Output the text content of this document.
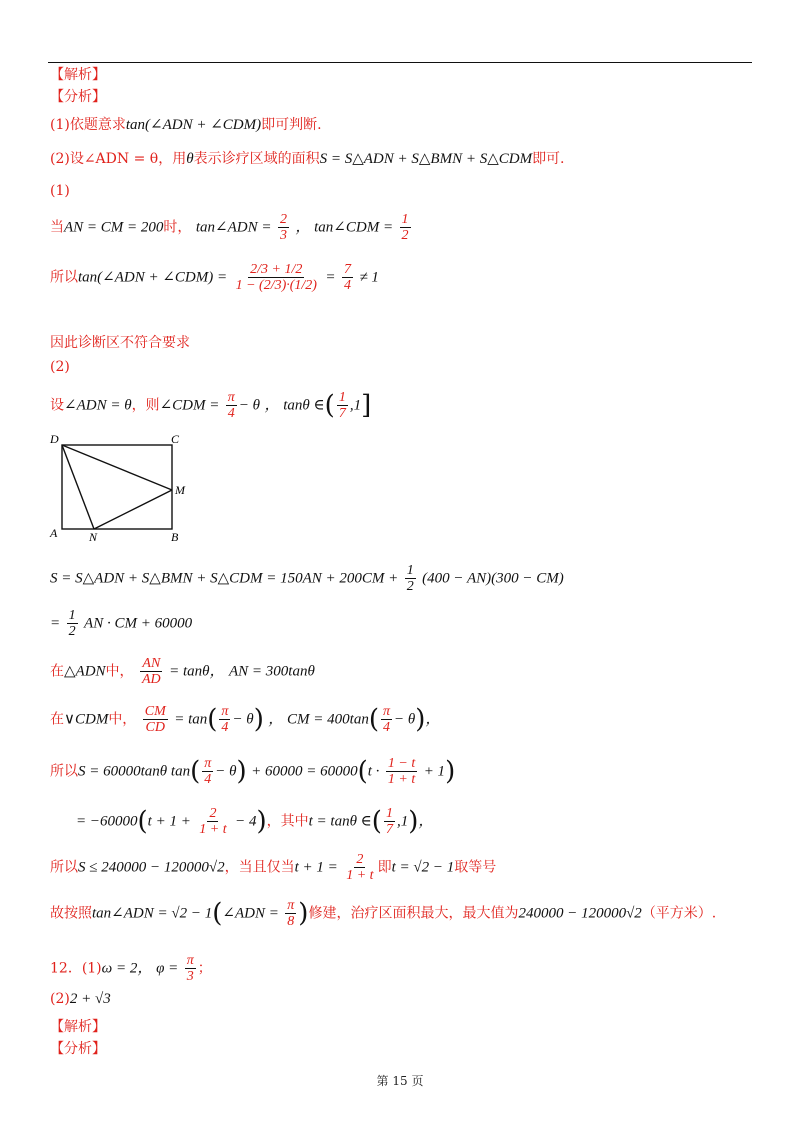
【解析】
【分析】
(1)依题意求tan(∠ADN + ∠CDM)即可判断.
(2)设∠ADN = θ，用θ表示诊疗区域的面积S = S△ADN + S△BMN + S△CDM即可.
(1)
当AN = CM = 200时， tan∠ADN = $\frac{2}{3}$ ， tan∠CDM = $\frac{1}{2}$
所以tan(∠ADN + ∠CDM) = $\frac{2/3 + 1/2}{1 - (2/3)\cdot(1/2)} = \frac{7}{4} \ne 1$
因此诊断区不符合要求
(2)
设∠ADN = θ，则∠CDM = $\frac{\pi}{4} - \theta$ ， tanθ ∈( $\frac{1}{7} ,1$]
D	C
M
A	N	B
S = S△ADN + S△BMN + S△CDM = $150AN + 200CM + \frac{1}{2} (400 - AN)(300 - CM)$
= $\frac{1}{2}$ AN · CM + 60000
在△ADN中， $\frac{AN}{AD} = \tan\theta$， AN = 300tanθ
在∨CDM中， $\frac{CM}{CD} = \tan( \frac{\pi}{4} - \theta)$ ， CM = $400\tan( \frac{\pi}{4} - \theta)$，
所以S = 60000tanθ $\tan( \frac{\pi}{4} - \theta) + 60000 = 60000(t \cdot \frac{1 - t}{1 + t} + 1)$
= $-60000(t + 1 + \frac{2}{1 + t} - 4)$，其中t = tanθ ∈( $\frac{1}{7} ,1$)，
所以S ≤ 240000 − 120000√2，当且仅当$t + 1 = \frac{2}{1 + t}$ 即t = √2 − 1取等号
故按照tan∠ADN = √2 − 1(∠ADN = $\frac{\pi}{8}$ )修建，治疗区面积最大，最大值为240000 − 120000√2（平方米）.
12．(1)ω = 2， $\varphi = \frac{\pi}{3}$ ；
(2)2 + √3
【解析】
【分析】
第 15 页
